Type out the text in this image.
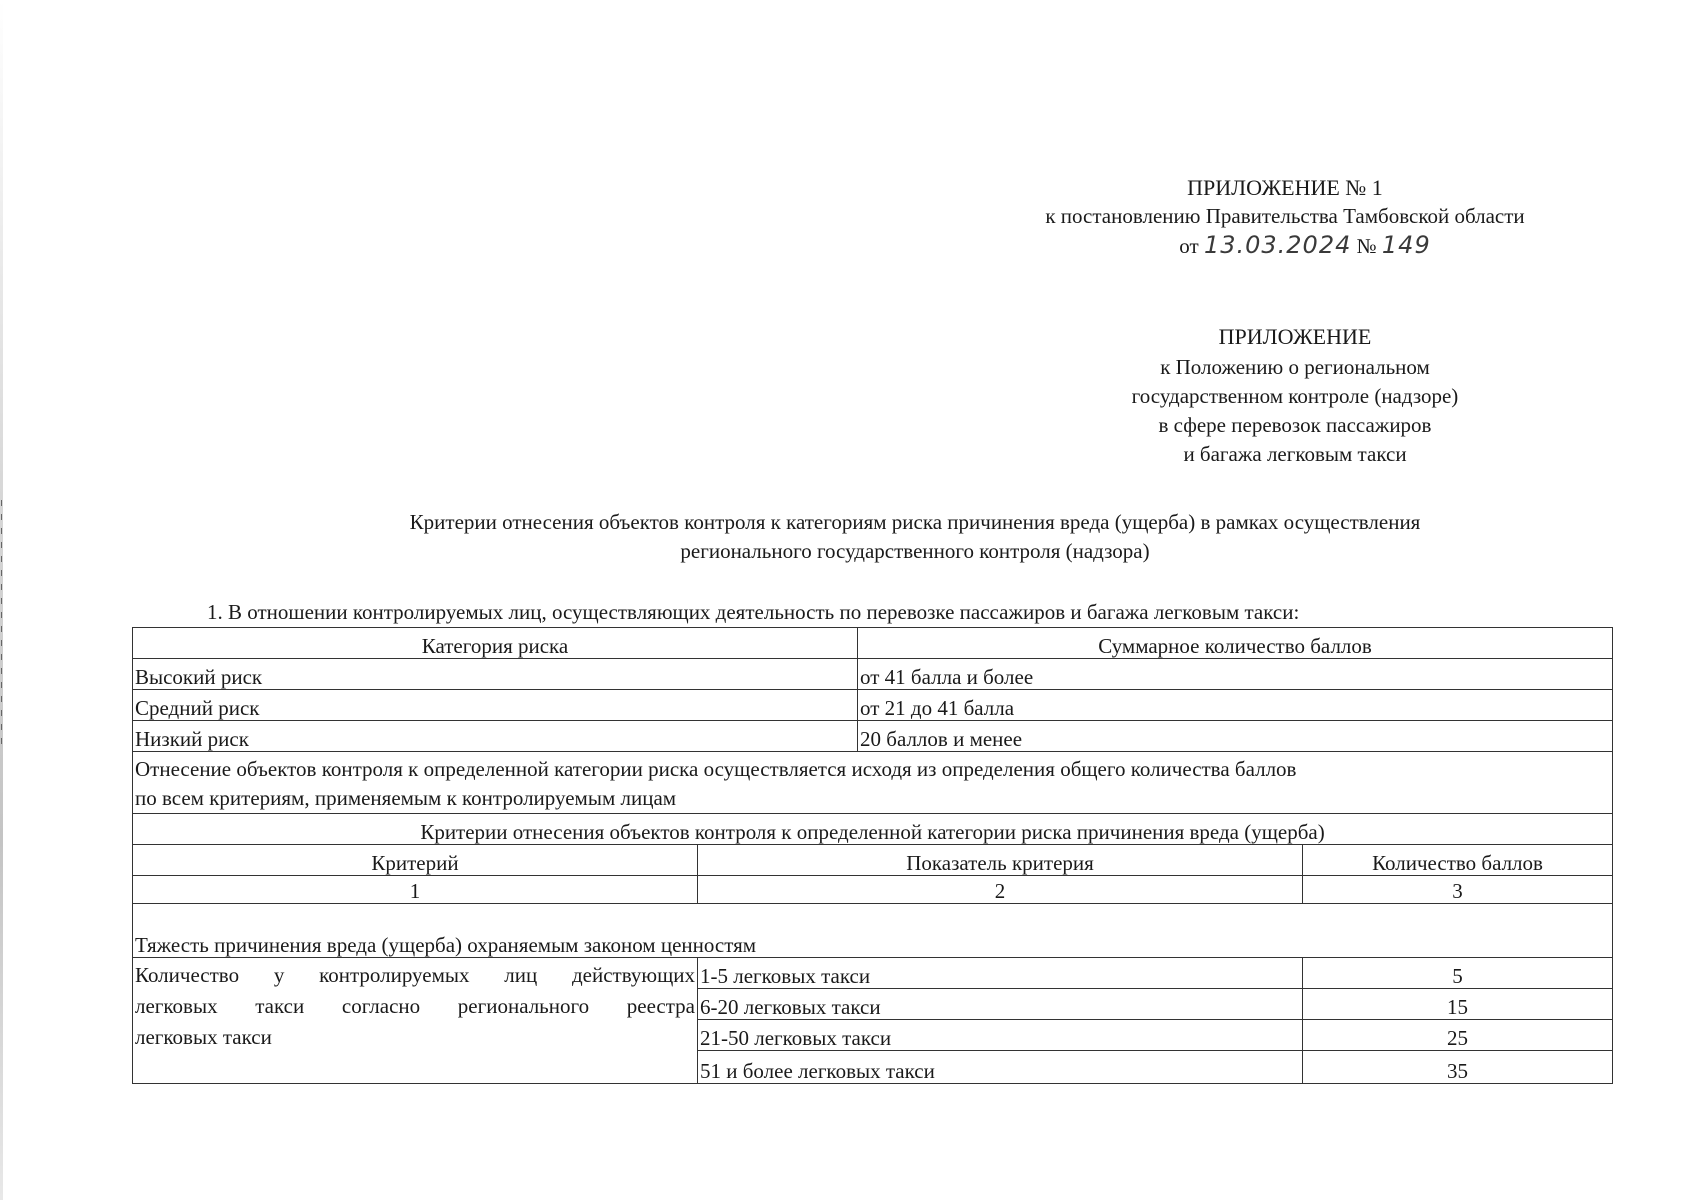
ПРИЛОЖЕНИЕ № 1
к постановлению Правительства Тамбовской области
от 13.03.2024 № 149
ПРИЛОЖЕНИЕ
к Положению о региональном
государственном контроле (надзоре)
в сфере перевозок пассажиров
и багажа легковым такси
Критерии отнесения объектов контроля к категориям риска причинения вреда (ущерба) в рамках осуществления
регионального государственного контроля (надзора)
1. В отношении контролируемых лиц, осуществляющих деятельность по перевозке пассажиров и багажа легковым такси:
Категория риска		Суммарное количество баллов	
Высокий риск		от 41 балла и более	
Средний риск		от 21 до 41 балла	
Низкий риск		20 баллов и менее	

Отнесение объектов контроля к определенной категории риска осуществляется исходя из определения общего количества баллов
по всем критериям, применяемым к контролируемым лицам			

Критерии отнесения объектов контроля к определенной категории риска причинения вреда (ущерба)			
Критерий	Показатель критерия		Количество баллов
1	2		3
Тяжесть причинения вреда (ущерба) охраняемым законом ценностям			

Количество у контролируемых лиц действующих
легковых такси согласно регионального реестра
легковых такси	1-5 легковых такси		5
	6-20 легковых такси		15
	21-50 легковых такси		25
	51 и более легковых такси		35
